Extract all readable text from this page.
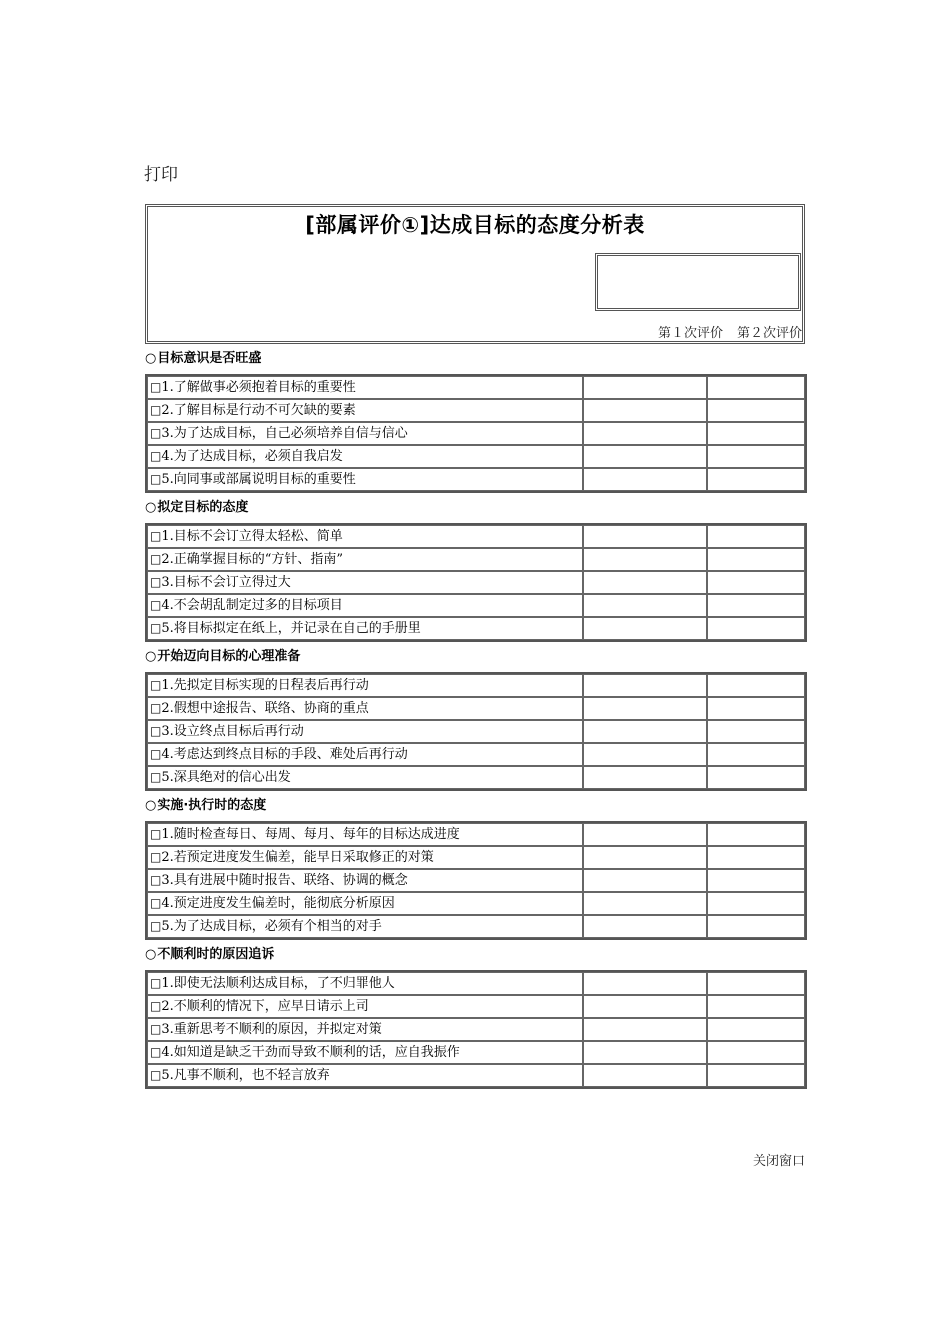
打印
[部属评价①]达成目标的态度分析表
第１次评价 第２次评价
○目标意识是否旺盛
□1.了解做事必须抱着目标的重要性		
□2.了解目标是行动不可欠缺的要素		
□3.为了达成目标，自己必须培养自信与信心		
□4.为了达成目标，必须自我启发		
□5.向同事或部属说明目标的重要性		
○拟定目标的态度
□1.目标不会订立得太轻松、简单		
□2.正确掌握目标的“方针、指南”		
□3.目标不会订立得过大		
□4.不会胡乱制定过多的目标项目		
□5.将目标拟定在纸上，并记录在自己的手册里		
○开始迈向目标的心理准备
□1.先拟定目标实现的日程表后再行动		
□2.假想中途报告、联络、协商的重点		
□3.设立终点目标后再行动		
□4.考虑达到终点目标的手段、难处后再行动		
□5.深具绝对的信心出发		
○实施·执行时的态度
□1.随时检查每日、每周、每月、每年的目标达成进度		
□2.若预定进度发生偏差，能早日采取修正的对策		
□3.具有进展中随时报告、联络、协调的概念		
□4.预定进度发生偏差时，能彻底分析原因		
□5.为了达成目标，必须有个相当的对手		
○不顺利时的原因追诉
□1.即使无法顺利达成目标，了不归罪他人		
□2.不顺利的情况下，应早日请示上司		
□3.重新思考不顺利的原因，并拟定对策		
□4.如知道是缺乏干劲而导致不顺利的话，应自我振作		
□5.凡事不顺利，也不轻言放弃		
关闭窗口
